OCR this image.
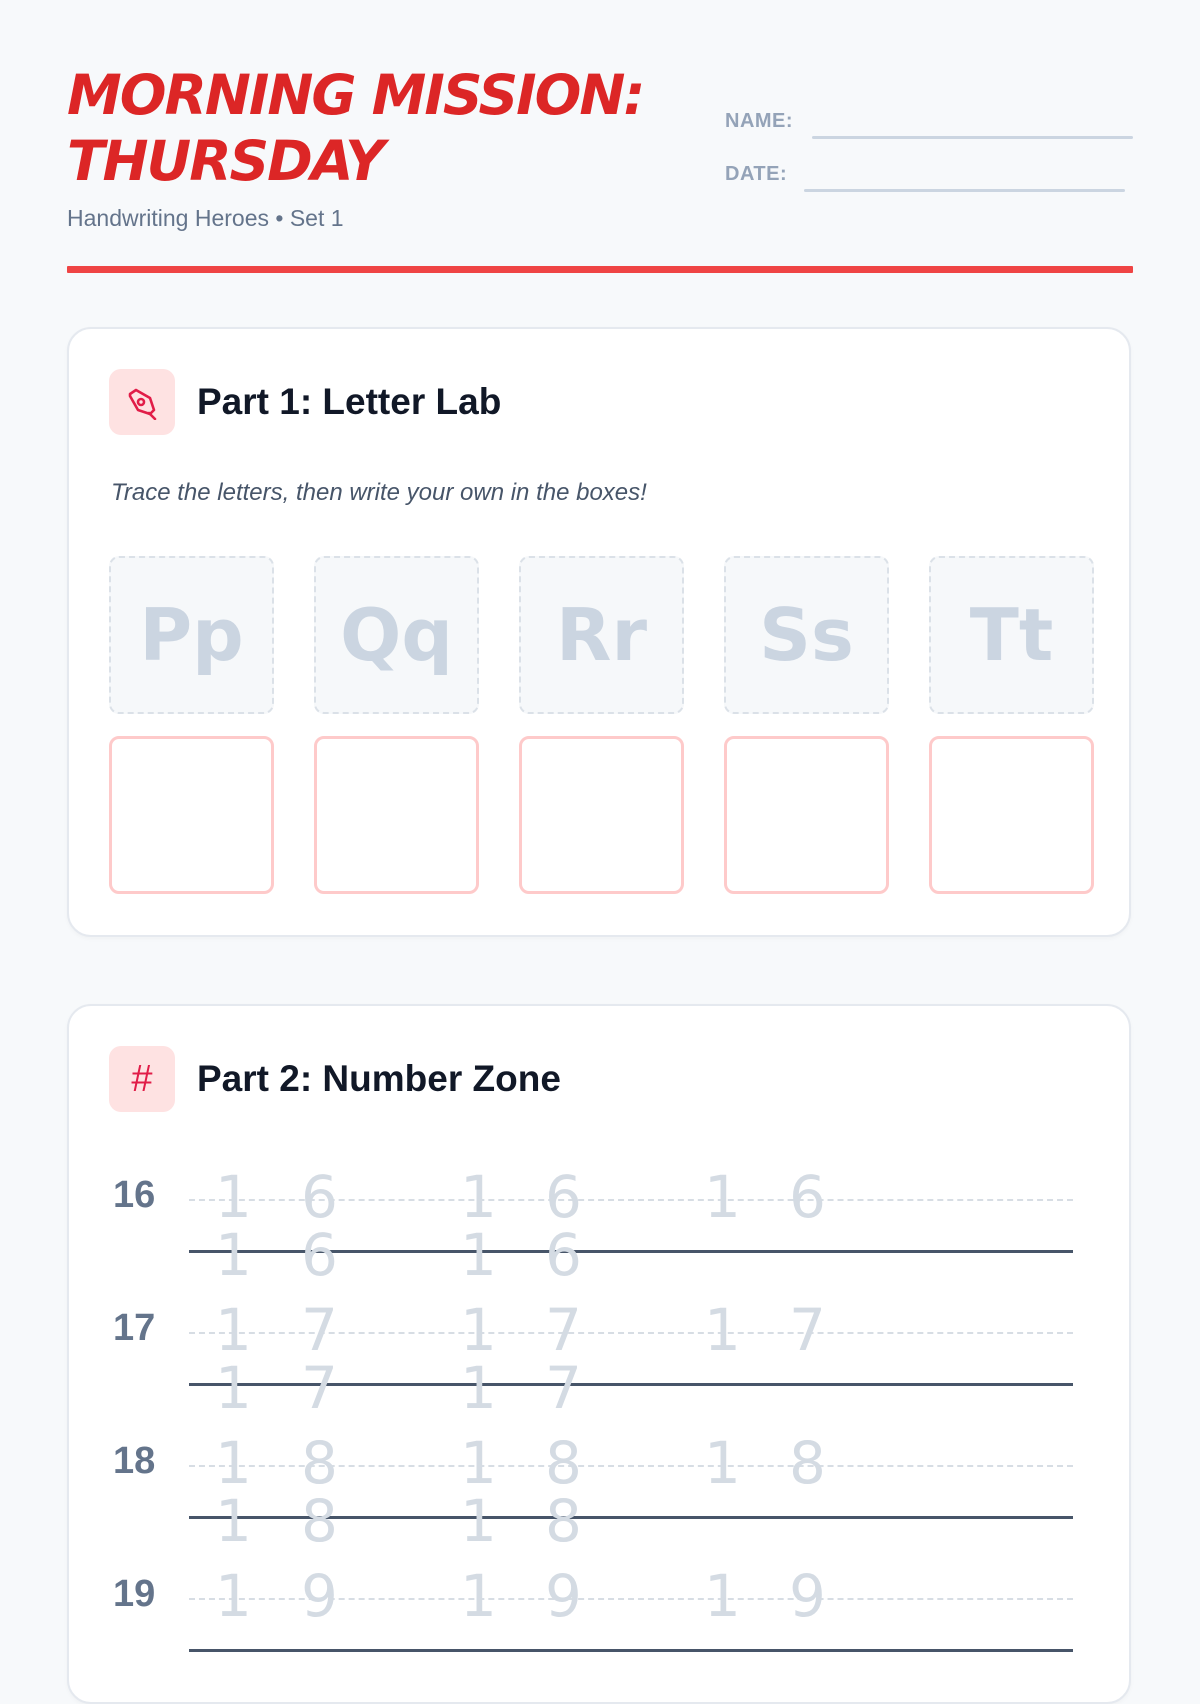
MORNING MISSION: THURSDAY
Handwriting Heroes • Set 1
NAME:
DATE:
Part 1: Letter Lab
Trace the letters, then write your own in the boxes!
Pp	Qq	Rr	Ss	Tt
# Part 2: Number Zone
16 1 6 1 6 1 6
1 6 1 6
17 1 7 1 7 1 7
1 7 1 7
18 1 8 1 8 1 8
1 8 1 8
19 1 9 1 9 1 9
